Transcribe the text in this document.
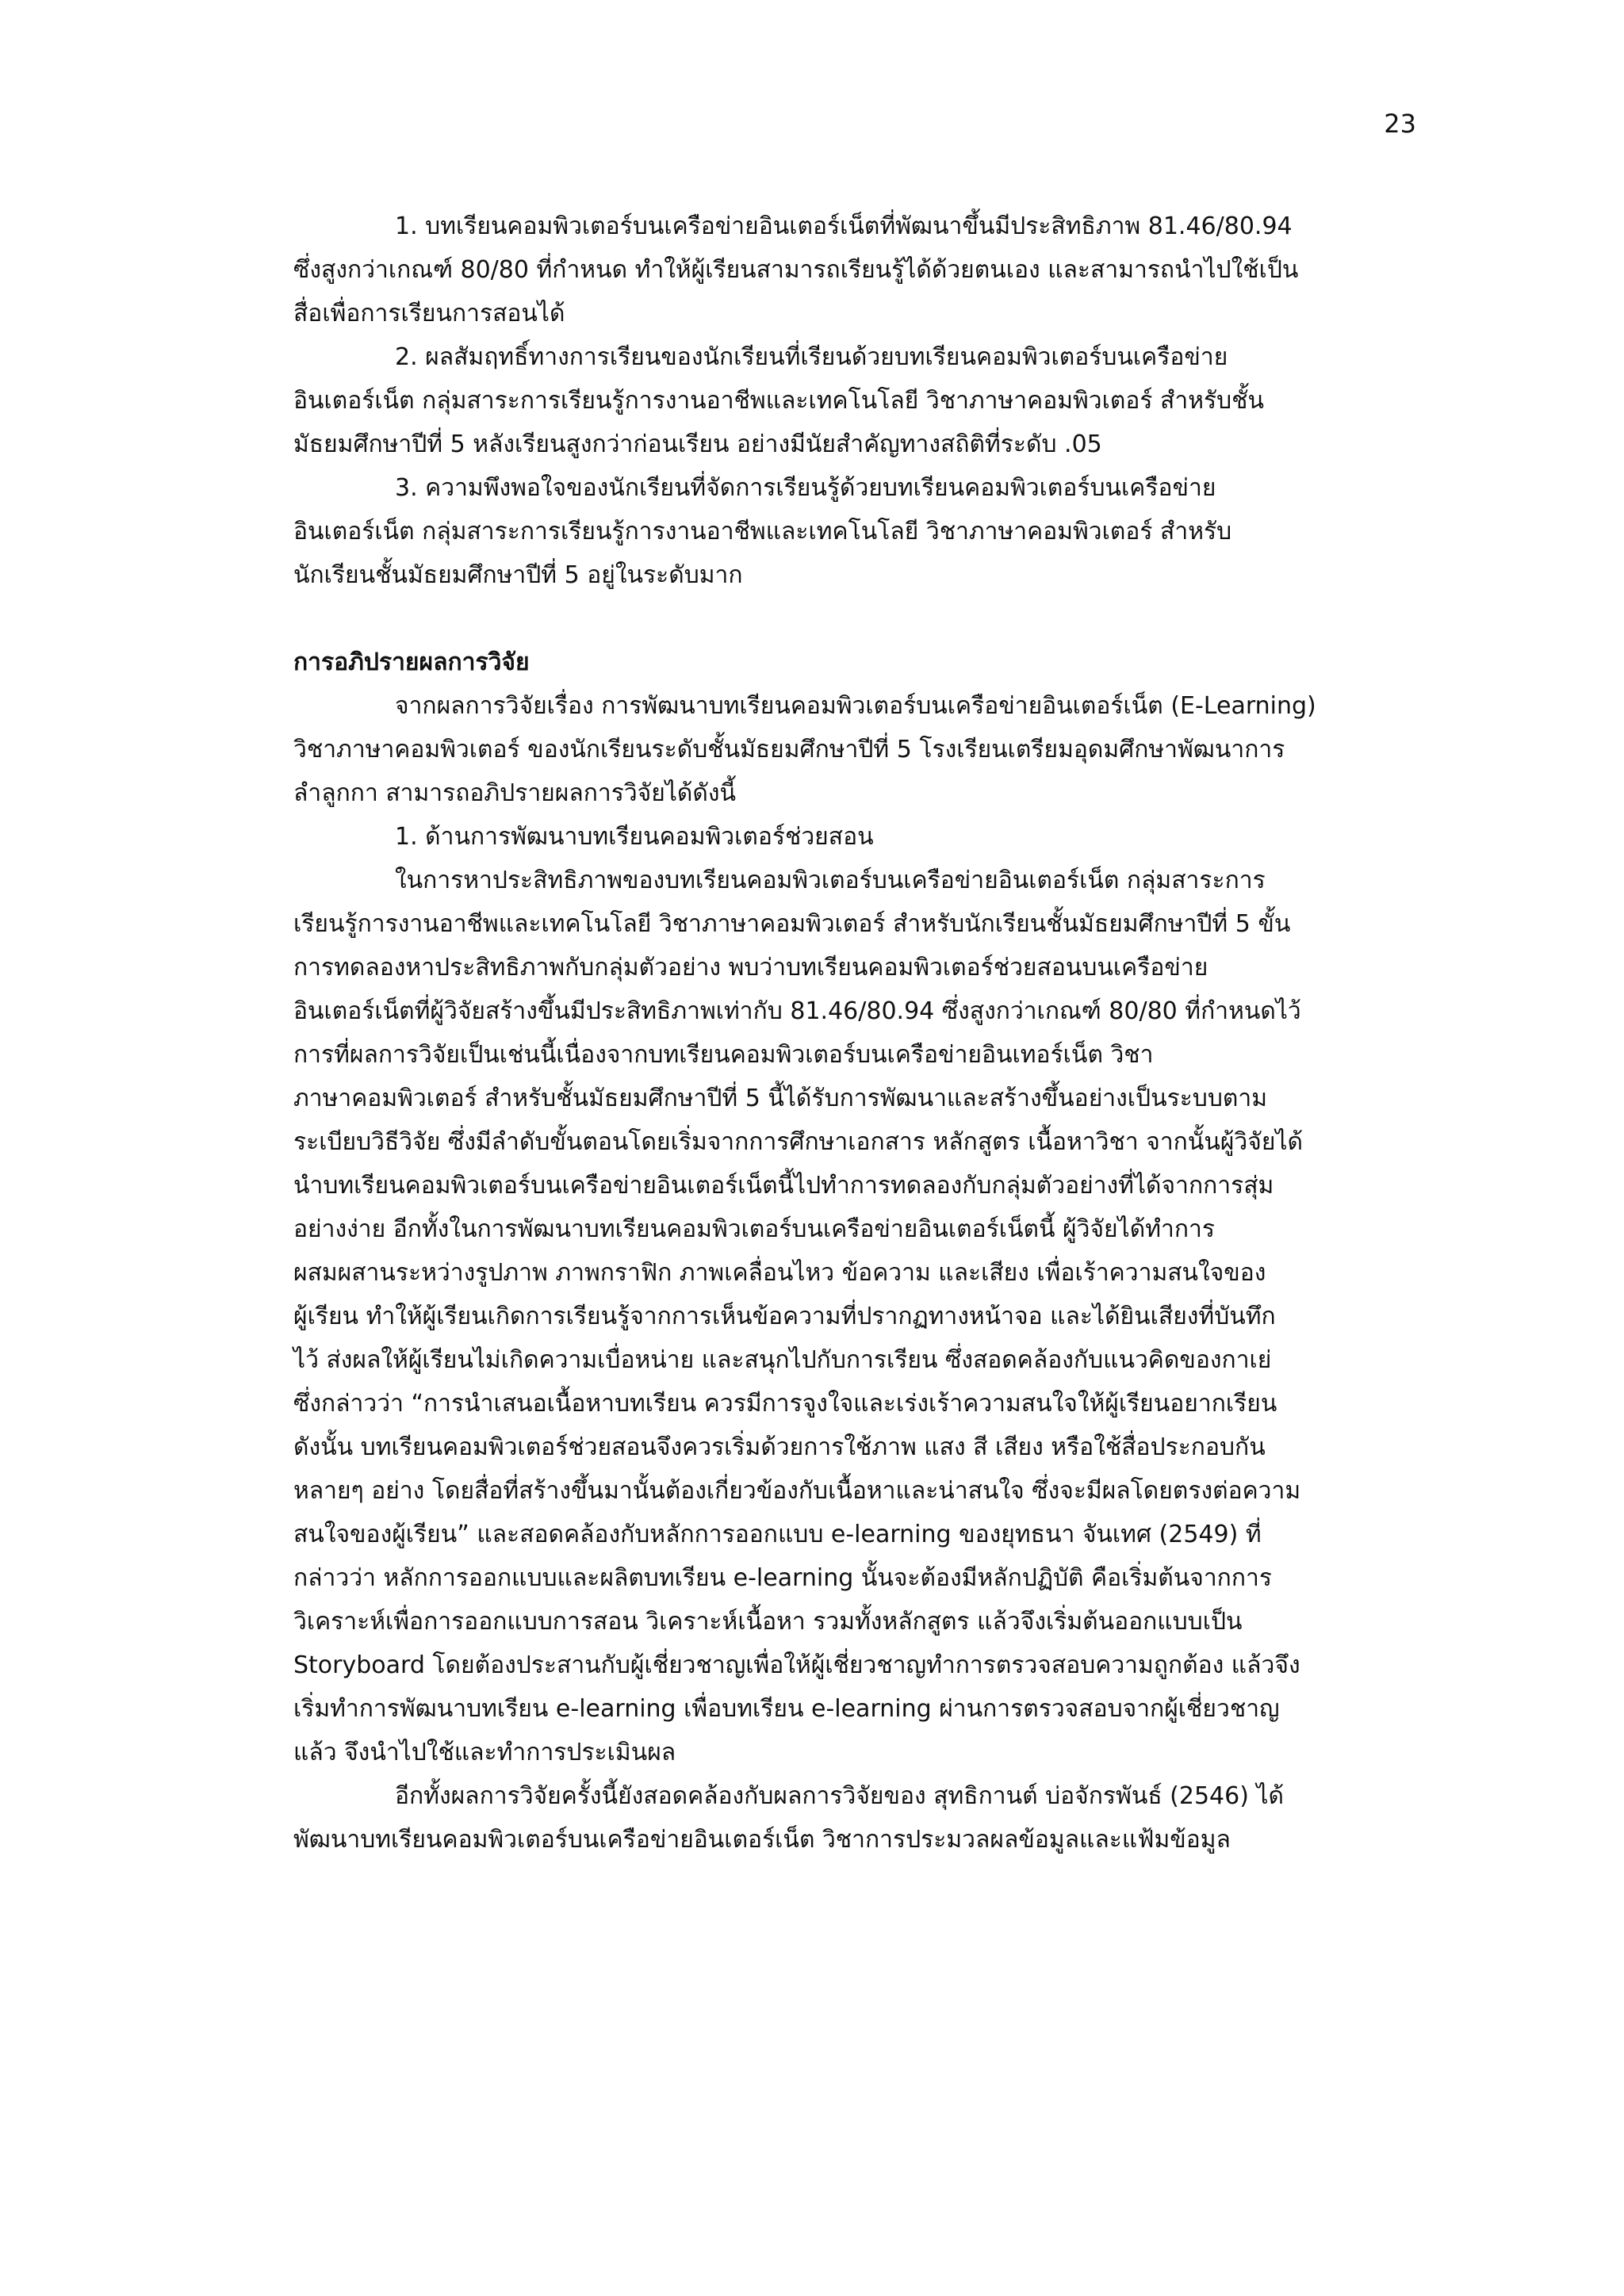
23
1. บทเรียนคอมพิวเตอร์บนเครือข่ายอินเตอร์เน็ตที่พัฒนาขึ้นมีประสิทธิภาพ 81.46/80.94
ซึ่งสูงกว่าเกณฑ์ 80/80 ที่กำหนด ทำให้ผู้เรียนสามารถเรียนรู้ได้ด้วยตนเอง และสามารถนำไปใช้เป็น
สื่อเพื่อการเรียนการสอนได้
2. ผลสัมฤทธิ์ทางการเรียนของนักเรียนที่เรียนด้วยบทเรียนคอมพิวเตอร์บนเครือข่าย
อินเตอร์เน็ต กลุ่มสาระการเรียนรู้การงานอาชีพและเทคโนโลยี วิชาภาษาคอมพิวเตอร์ สำหรับชั้น
มัธยมศึกษาปีที่ 5 หลังเรียนสูงกว่าก่อนเรียน อย่างมีนัยสำคัญทางสถิติที่ระดับ .05
3. ความพึงพอใจของนักเรียนที่จัดการเรียนรู้ด้วยบทเรียนคอมพิวเตอร์บนเครือข่าย
อินเตอร์เน็ต กลุ่มสาระการเรียนรู้การงานอาชีพและเทคโนโลยี วิชาภาษาคอมพิวเตอร์ สำหรับ
นักเรียนชั้นมัธยมศึกษาปีที่ 5 อยู่ในระดับมาก
การอภิปรายผลการวิจัย
จากผลการวิจัยเรื่อง การพัฒนาบทเรียนคอมพิวเตอร์บนเครือข่ายอินเตอร์เน็ต (E-Learning)
วิชาภาษาคอมพิวเตอร์ ของนักเรียนระดับชั้นมัธยมศึกษาปีที่ 5 โรงเรียนเตรียมอุดมศึกษาพัฒนาการ
ลำลูกกา สามารถอภิปรายผลการวิจัยได้ดังนี้
1. ด้านการพัฒนาบทเรียนคอมพิวเตอร์ช่วยสอน
ในการหาประสิทธิภาพของบทเรียนคอมพิวเตอร์บนเครือข่ายอินเตอร์เน็ต กลุ่มสาระการ
เรียนรู้การงานอาชีพและเทคโนโลยี วิชาภาษาคอมพิวเตอร์ สำหรับนักเรียนชั้นมัธยมศึกษาปีที่ 5 ขั้น
การทดลองหาประสิทธิภาพกับกลุ่มตัวอย่าง พบว่าบทเรียนคอมพิวเตอร์ช่วยสอนบนเครือข่าย
อินเตอร์เน็ตที่ผู้วิจัยสร้างขึ้นมีประสิทธิภาพเท่ากับ 81.46/80.94 ซึ่งสูงกว่าเกณฑ์ 80/80 ที่กำหนดไว้
การที่ผลการวิจัยเป็นเช่นนี้เนื่องจากบทเรียนคอมพิวเตอร์บนเครือข่ายอินเทอร์เน็ต วิชา
ภาษาคอมพิวเตอร์ สำหรับชั้นมัธยมศึกษาปีที่ 5 นี้ได้รับการพัฒนาและสร้างขึ้นอย่างเป็นระบบตาม
ระเบียบวิธีวิจัย ซึ่งมีลำดับขั้นตอนโดยเริ่มจากการศึกษาเอกสาร หลักสูตร เนื้อหาวิชา จากนั้นผู้วิจัยได้
นำบทเรียนคอมพิวเตอร์บนเครือข่ายอินเตอร์เน็ตนี้ไปทำการทดลองกับกลุ่มตัวอย่างที่ได้จากการสุ่ม
อย่างง่าย อีกทั้งในการพัฒนาบทเรียนคอมพิวเตอร์บนเครือข่ายอินเตอร์เน็ตนี้ ผู้วิจัยได้ทำการ
ผสมผสานระหว่างรูปภาพ ภาพกราฟิก ภาพเคลื่อนไหว ข้อความ และเสียง เพื่อเร้าความสนใจของ
ผู้เรียน ทำให้ผู้เรียนเกิดการเรียนรู้จากการเห็นข้อความที่ปรากฏทางหน้าจอ และได้ยินเสียงที่บันทึก
ไว้ ส่งผลให้ผู้เรียนไม่เกิดความเบื่อหน่าย และสนุกไปกับการเรียน ซึ่งสอดคล้องกับแนวคิดของกาเย่
ซึ่งกล่าวว่า “การนำเสนอเนื้อหาบทเรียน ควรมีการจูงใจและเร่งเร้าความสนใจให้ผู้เรียนอยากเรียน
ดังนั้น บทเรียนคอมพิวเตอร์ช่วยสอนจึงควรเริ่มด้วยการใช้ภาพ แสง สี เสียง หรือใช้สื่อประกอบกัน
หลายๆ อย่าง โดยสื่อที่สร้างขึ้นมานั้นต้องเกี่ยวข้องกับเนื้อหาและน่าสนใจ ซึ่งจะมีผลโดยตรงต่อความ
สนใจของผู้เรียน” และสอดคล้องกับหลักการออกแบบ e-learning ของยุทธนา จันเทศ (2549) ที่
กล่าวว่า หลักการออกแบบและผลิตบทเรียน e-learning นั้นจะต้องมีหลักปฏิบัติ คือเริ่มต้นจากการ
วิเคราะห์เพื่อการออกแบบการสอน วิเคราะห์เนื้อหา รวมทั้งหลักสูตร แล้วจึงเริ่มต้นออกแบบเป็น
Storyboard โดยต้องประสานกับผู้เชี่ยวชาญเพื่อให้ผู้เชี่ยวชาญทำการตรวจสอบความถูกต้อง แล้วจึง
เริ่มทำการพัฒนาบทเรียน e-learning เพื่อบทเรียน e-learning ผ่านการตรวจสอบจากผู้เชี่ยวชาญ
แล้ว จึงนำไปใช้และทำการประเมินผล
อีกทั้งผลการวิจัยครั้งนี้ยังสอดคล้องกับผลการวิจัยของ สุทธิกานต์ บ่อจักรพันธ์ (2546) ได้
พัฒนาบทเรียนคอมพิวเตอร์บนเครือข่ายอินเตอร์เน็ต วิชาการประมวลผลข้อมูลและแฟ้มข้อมูล
